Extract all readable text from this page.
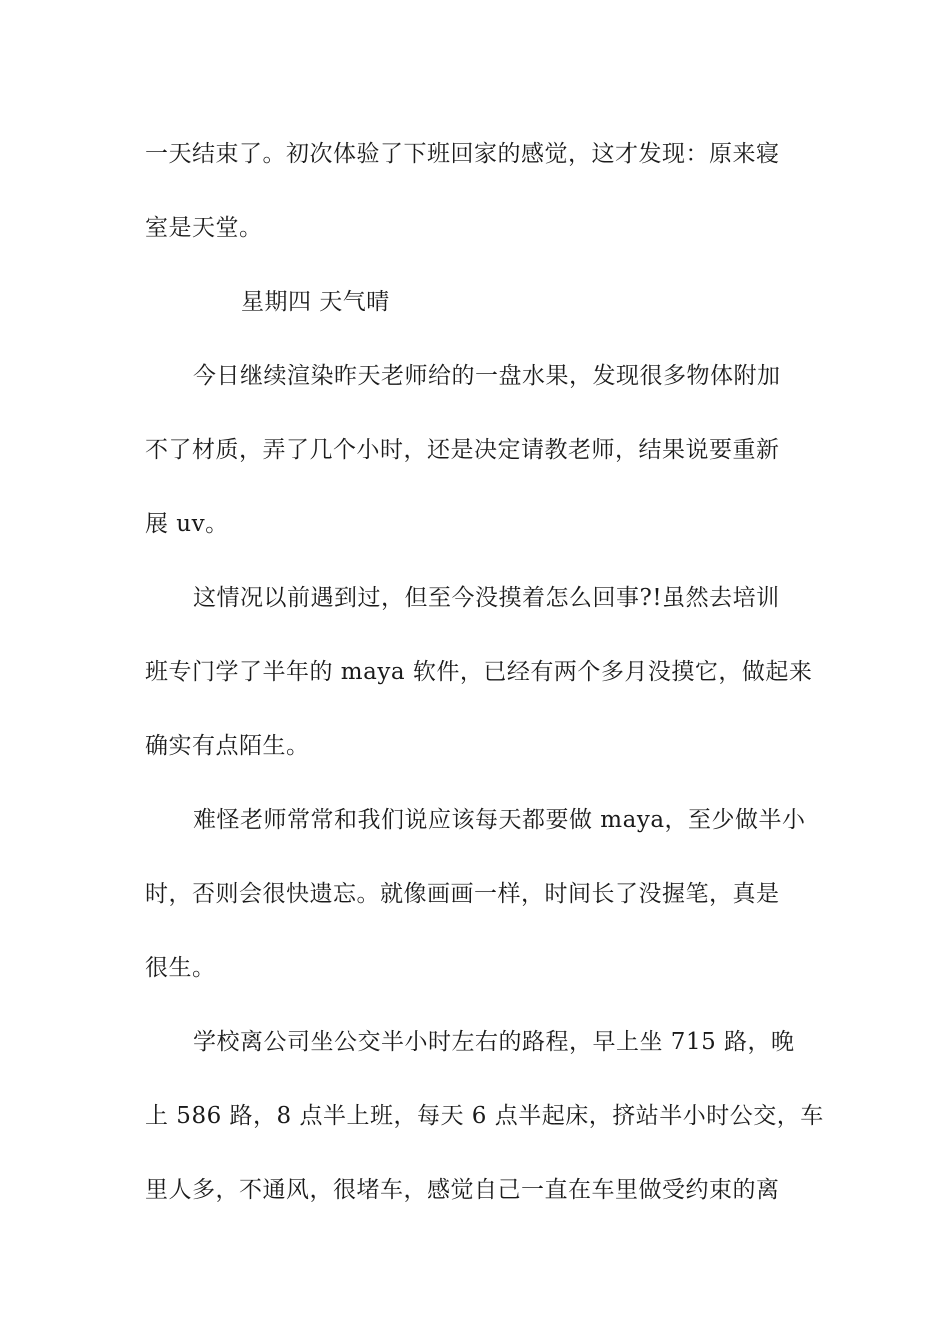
一天结束了。初次体验了下班回家的感觉，这才发现：原来寝
室是天堂。
星期四 天气晴
今日继续渲染昨天老师给的一盘水果，发现很多物体附加
不了材质，弄了几个小时，还是决定请教老师，结果说要重新
展 uv。
这情况以前遇到过，但至今没摸着怎么回事?!虽然去培训
班专门学了半年的 maya 软件，已经有两个多月没摸它，做起来
确实有点陌生。
难怪老师常常和我们说应该每天都要做 maya，至少做半小
时，否则会很快遗忘。就像画画一样，时间长了没握笔，真是
很生。
学校离公司坐公交半小时左右的路程，早上坐 715 路，晚
上 586 路，8 点半上班，每天 6 点半起床，挤站半小时公交，车
里人多，不通风，很堵车，感觉自己一直在车里做受约束的离
